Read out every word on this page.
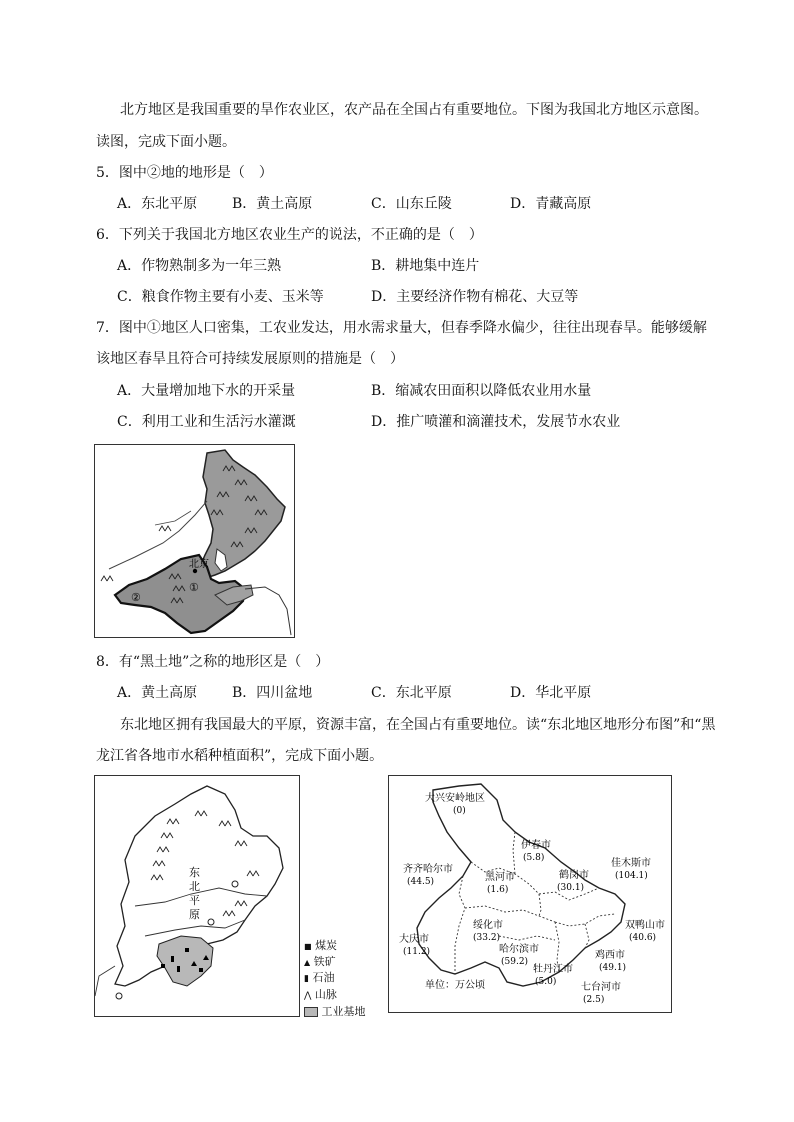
北方地区是我国重要的旱作农业区，农产品在全国占有重要地位。下图为我国北方地区示意图。
读图，完成下面小题。
5．图中②地的地形是（　）
A．东北平原 B．黄土高原	C．山东丘陵	D．青藏高原
6．下列关于我国北方地区农业生产的说法，不正确的是（　）
A．作物熟制多为一年三熟	B．耕地集中连片
C．粮食作物主要有小麦、玉米等	D．主要经济作物有棉花、大豆等
7．图中①地区人口密集，工农业发达，用水需求量大，但春季降水偏少，往往出现春旱。能够缓解
该地区春旱且符合可持续发展原则的措施是（　）
A．大量增加地下水的开采量	B．缩减农田面积以降低农业用水量
C．利用工业和生活污水灌溉	D．推广喷灌和滴灌技术，发展节水农业
北京
①
②
8．有“黑土地”之称的地形区是（　）
A．黄土高原 B．四川盆地	C．东北平原	D．华北平原
东北地区拥有我国最大的平原，资源丰富，在全国占有重要地位。读“东北地区地形分布图”和“黑
龙江省各地市水稻种植面积”，完成下面小题。
东
北
平
原
■ 煤炭
▲ 铁矿
▮ 石油
⋀ 山脉
工业基地
大兴安岭地区
(0)
伊春市
(5.8)
齐齐哈尔市
(44.5)	黑河市
(1.6)
鹤岗市
(30.1)
佳木斯市
(104.1)
绥化市
(33.2)
双鸭山市
(40.6)
大庆市
(11.2)	哈尔滨市
(59.2)
鸡西市
(49.1)
牡丹江市
(5.0) 七台河市
(2.5)
单位：万公顷
